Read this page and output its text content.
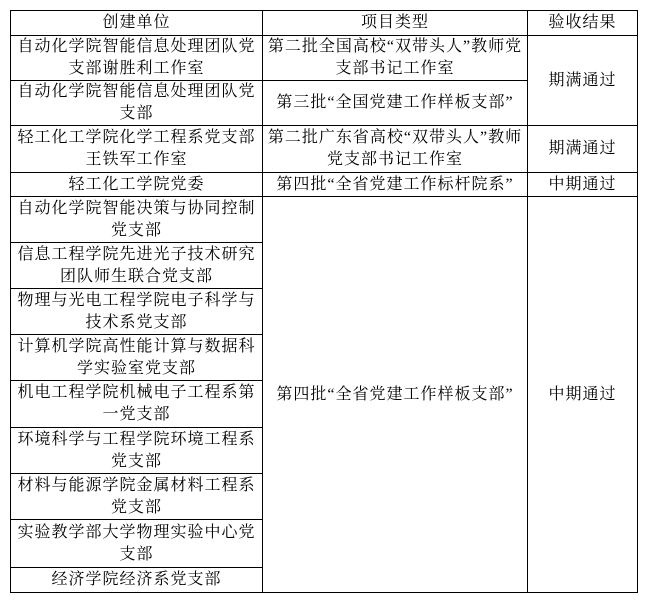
创建单位	项目类型	验收结果
自动化学院智能信息处理团队党支部谢胜利工作室	第二批全国高校“双带头人”教师党支部书记工作室	期满通过
自动化学院智能信息处理团队党支部	第三批“全国党建工作样板支部”	
轻工化工学院化学工程系党支部王铁军工作室	第二批广东省高校“双带头人”教师党支部书记工作室	期满通过
轻工化工学院党委	第四批“全省党建工作标杆院系”	中期通过
自动化学院智能决策与协同控制党支部	第四批“全省党建工作样板支部”	中期通过
信息工程学院先进光子技术研究团队师生联合党支部		
物理与光电工程学院电子科学与技术系党支部		
计算机学院高性能计算与数据科学实验室党支部		
机电工程学院机械电子工程系第一党支部		
环境科学与工程学院环境工程系党支部		
材料与能源学院金属材料工程系党支部		
实验教学部大学物理实验中心党支部		
经济学院经济系党支部		
